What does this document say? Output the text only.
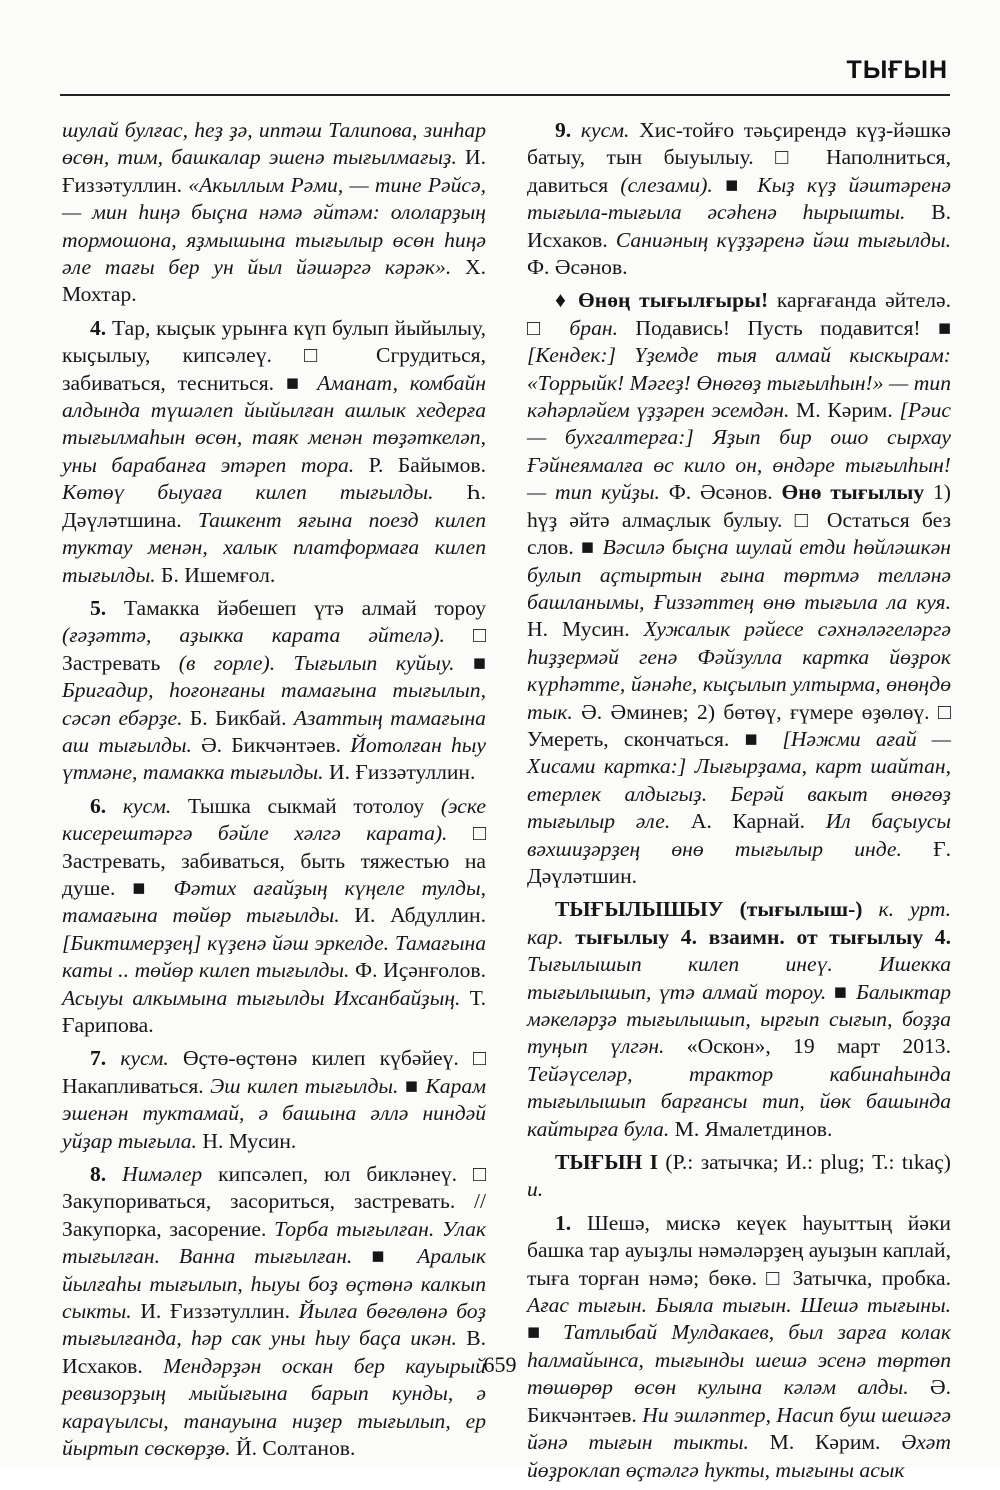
ТЫҒЫН

шулай булғас, һеҙ ҙә, иптәш Талипова, зинһар өсөн, тим, башкалар эшенә тығылмағыҙ. И. Ғиззәтуллин. «Акыллым Рәми, — тине Рәйсә, — мин һиңә быҫна нәмә әйтәм: ололарҙың тормошона, яҙмышына тығылыр өсөн һиңә әле тағы бер ун йыл йәшәргә кәрәк». Х. Мохтар.

4. Тар, кыҫык урынға күп булып йыйылыу, кыҫылыу, кипсәлеү. □ Сгрудиться, забиваться, тесниться. ■ Аманат, комбайн алдында түшәлеп йыйылған ашлык хедерға тығылмаһын өсөн, таяк менән төҙәткеләп, уны барабанға этәреп тора. Р. Байымов. Көтөү быуаға килеп тығылды. Һ. Дәүләтшина. Ташкент яғына поезд килеп туктау менән, халык платформаға килеп тығылды. Б. Ишемғол.

5. Тамакка йәбешеп үтә алмай тороу (ғәҙәттә, аҙыкка карата әйтелә). □ Застревать (в горле). Тығылып куйыу. ■ Бригадир, һоғонғаны тамағына тығылып, сәсәп ебәрҙе. Б. Бикбай. Азаттың тамағына аш тығылды. Ә. Бикчәнтәев. Йотолған һыу үтмәне, тамакка тығылды. И. Ғиззәтуллин.

6. кусм. Тышка сыкмай тотолоу (эске кисерештәргә бәйле хәлгә карата). □ Застревать, забиваться, быть тяжестью на душе. ■ Фәтих ағайҙың күңеле тулды, тамағына төйөр тығылды. И. Абдуллин. [Биктимерҙең] күҙенә йәш эркелде. Тамағына каты .. төйөр килеп тығылды. Ф. Иҫәнғолов. Асыуы алкымына тығылды Ихсанбайҙың. Т. Ғарипова.

7. кусм. Өҫтө-өҫтөнә килеп күбәйеү. □ Накапливаться. Эш килеп тығылды. ■ Карам эшенән туктамай, ә башына әллә ниндәй уйҙар тығыла. Н. Мусин.

8. Нимәлер кипсәлеп, юл бикләнеү. □ Закупориваться, засориться, застревать. // Закупорка, засорение. Торба тығылған. Улак тығылған. Ванна тығылған. ■ Аралык йылғаһы тығылып, һыуы боҙ өҫтөнә калкып сыкты. И. Ғиззәтуллин. Йылға бөгөлөнә боҙ тығылғанда, һәр сак уны һыу баҫа икән. В. Исхаков. Мендәрҙән оскан бер кауырый ревизорҙың мыйығына барып кунды, ә караүылсы, танауына ниҙер тығылып, ер йыртып сөскөрҙө. Й. Солтанов.

9. кусм. Хис-тойғо тәьҫирендә күҙ-йәшкә батыу, тын быуылыу. □ Наполниться, давиться (слезами). ■ Кыҙ күҙ йәштәренә тығыла-тығыла әсәһенә һырышты. В. Исхаков. Саниәның күҙҙәренә йәш тығылды. Ф. Әсәнов.

♦ Өнөң тығылғыры! карғағанда әйтелә. □ бран. Подавись! Пусть подавится! ■ [Кендек:] Үҙемде тыя алмай кыскырам: «Торрыйк! Мәгеҙ! Өнөгөҙ тығылһын!» — тип кәһәрләйем үҙҙәрен эсемдән. М. Кәрим. [Рәис — бухгалтерға:] Яҙып бир ошо сырхау Ғәйнеямалға өс кило он, өндәре тығылһын! — тип куйҙы. Ф. Әсәнов. Өнө тығылыу 1) һүҙ әйтә алмаҫлык булыу. □ Остаться без слов. ■ Вәсилә быҫна шулай етди һөйләшкән булып аҫтыртын ғына төртмә телләнә башланымы, Ғиззәттең өнө тығыла ла куя. Н. Мусин. Хужалык рәйесе сәхнәләгеләргә һиҙҙермәй генә Фәйзулла картка йөҙрок күрһәтте, йәнәһе, кыҫылып ултырма, өнөңдө тык. Ә. Әминев; 2) бөтөү, ғүмере өҙөлөү. □ Умереть, скончаться. ■ [Нәжми ағай — Хисами картка:] Лығырҙама, карт шайтан, етерлек алдыгыҙ. Берәй вакыт өнөгөҙ тығылыр әле. А. Карнай. Ил баҫыусы вәхшиҙәрҙең өнө тығылыр инде. Ғ. Дәүләтшин.

ТЫҒЫЛЫШЫУ (тығылыш-) к. урт. кар. тығылыу 4. взаимн. от тығылыу 4. Тығылышып килеп инеү. Ишекка тығылышып, үтә алмай тороу. ■ Балыктар мәкеләрҙә тығылышып, ырғып сығып, боҙҙа туңып үлгән. «Оскон», 19 март 2013. Тейәүселәр, трактор кабинаһында тығылышып барғансы тип, йөк башында кайтырға була. М. Ямалетдинов.

ТЫҒЫН I (Р.: затычка; И.: plug; Т.: tıkaç) и.

1. Шешә, мискә кеүек һауыттың йәки башка тар ауыҙлы нәмәләрҙең ауыҙын каплай, тыға торған нәмә; бөкө. □ Затычка, пробка. Ағас тығын. Быяла тығын. Шешә тығыны. ■ Татлыбай Мулдакаев, был зарға колак һалмайынса, тығынды шешә эсенә төртөп төшөрөр өсөн кулына кәләм алды. Ә. Бикчәнтәев. Ни эшләптер, Насип буш шешәгә йәнә тығын тыкты. М. Кәрим. Әхәт йөҙроклап өҫтәлгә һукты, тығыны асык

659
